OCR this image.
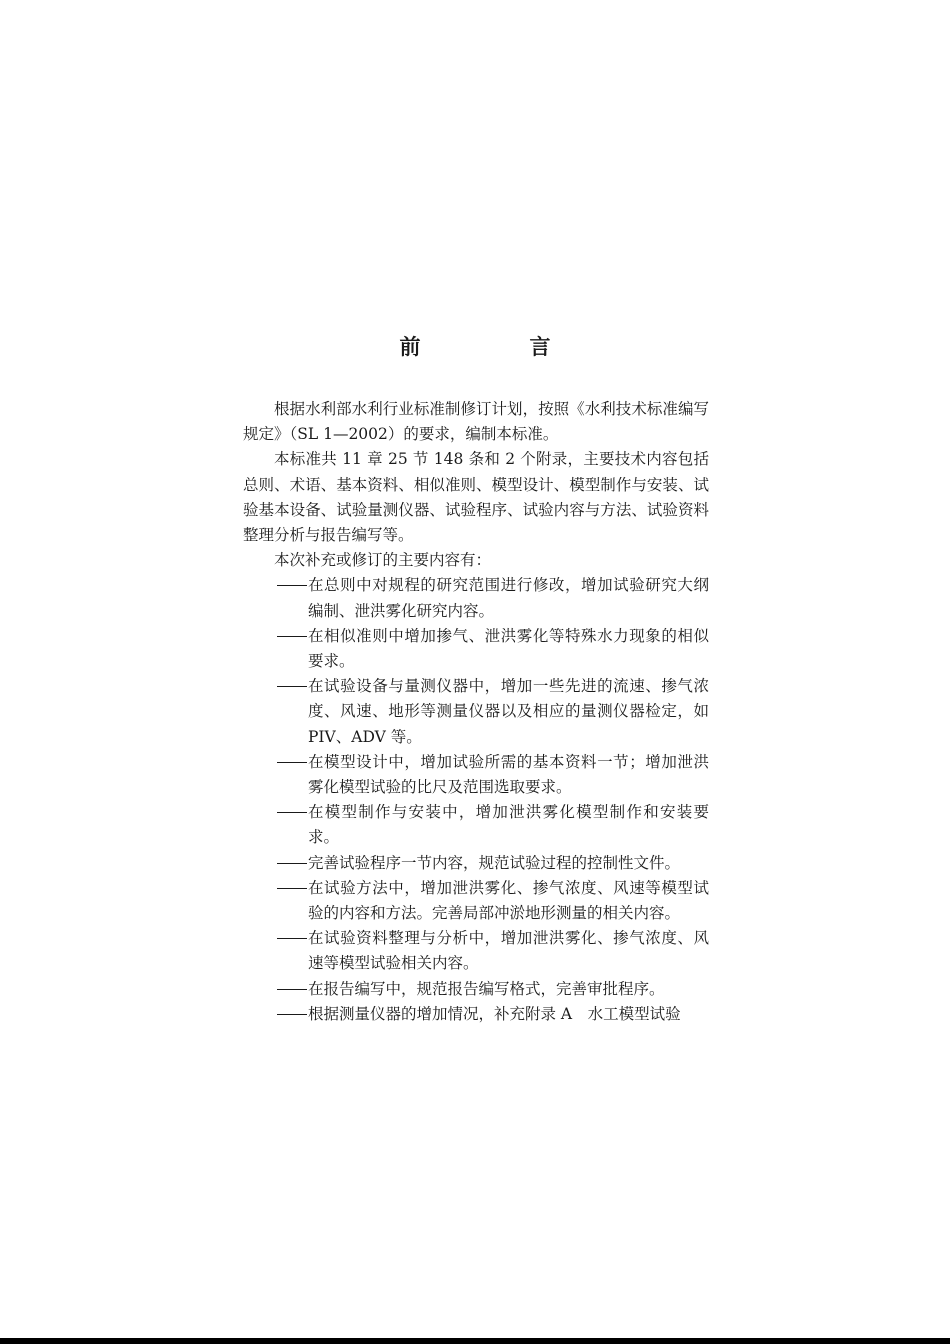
前　言

根据水利部水利行业标准制修订计划，按照《水利技术标准编写规定》（SL 1—2002）的要求，编制本标准。

本标准共 11 章 25 节 148 条和 2 个附录，主要技术内容包括总则、术语、基本资料、相似准则、模型设计、模型制作与安装、试验基本设备、试验量测仪器、试验程序、试验内容与方法、试验资料整理分析与报告编写等。

本次补充或修订的主要内容有：

在总则中对规程的研究范围进行修改，增加试验研究大纲编制、泄洪雾化研究内容。
在相似准则中增加掺气、泄洪雾化等特殊水力现象的相似要求。
在试验设备与量测仪器中，增加一些先进的流速、掺气浓度、风速、地形等测量仪器以及相应的量测仪器检定，如 PIV、ADV 等。
在模型设计中，增加试验所需的基本资料一节；增加泄洪雾化模型试验的比尺及范围选取要求。
在模型制作与安装中，增加泄洪雾化模型制作和安装要求。
完善试验程序一节内容，规范试验过程的控制性文件。
在试验方法中，增加泄洪雾化、掺气浓度、风速等模型试验的内容和方法。完善局部冲淤地形测量的相关内容。
在试验资料整理与分析中，增加泄洪雾化、掺气浓度、风速等模型试验相关内容。
在报告编写中，规范报告编写格式，完善审批程序。
根据测量仪器的增加情况，补充附录 A　水工模型试验
